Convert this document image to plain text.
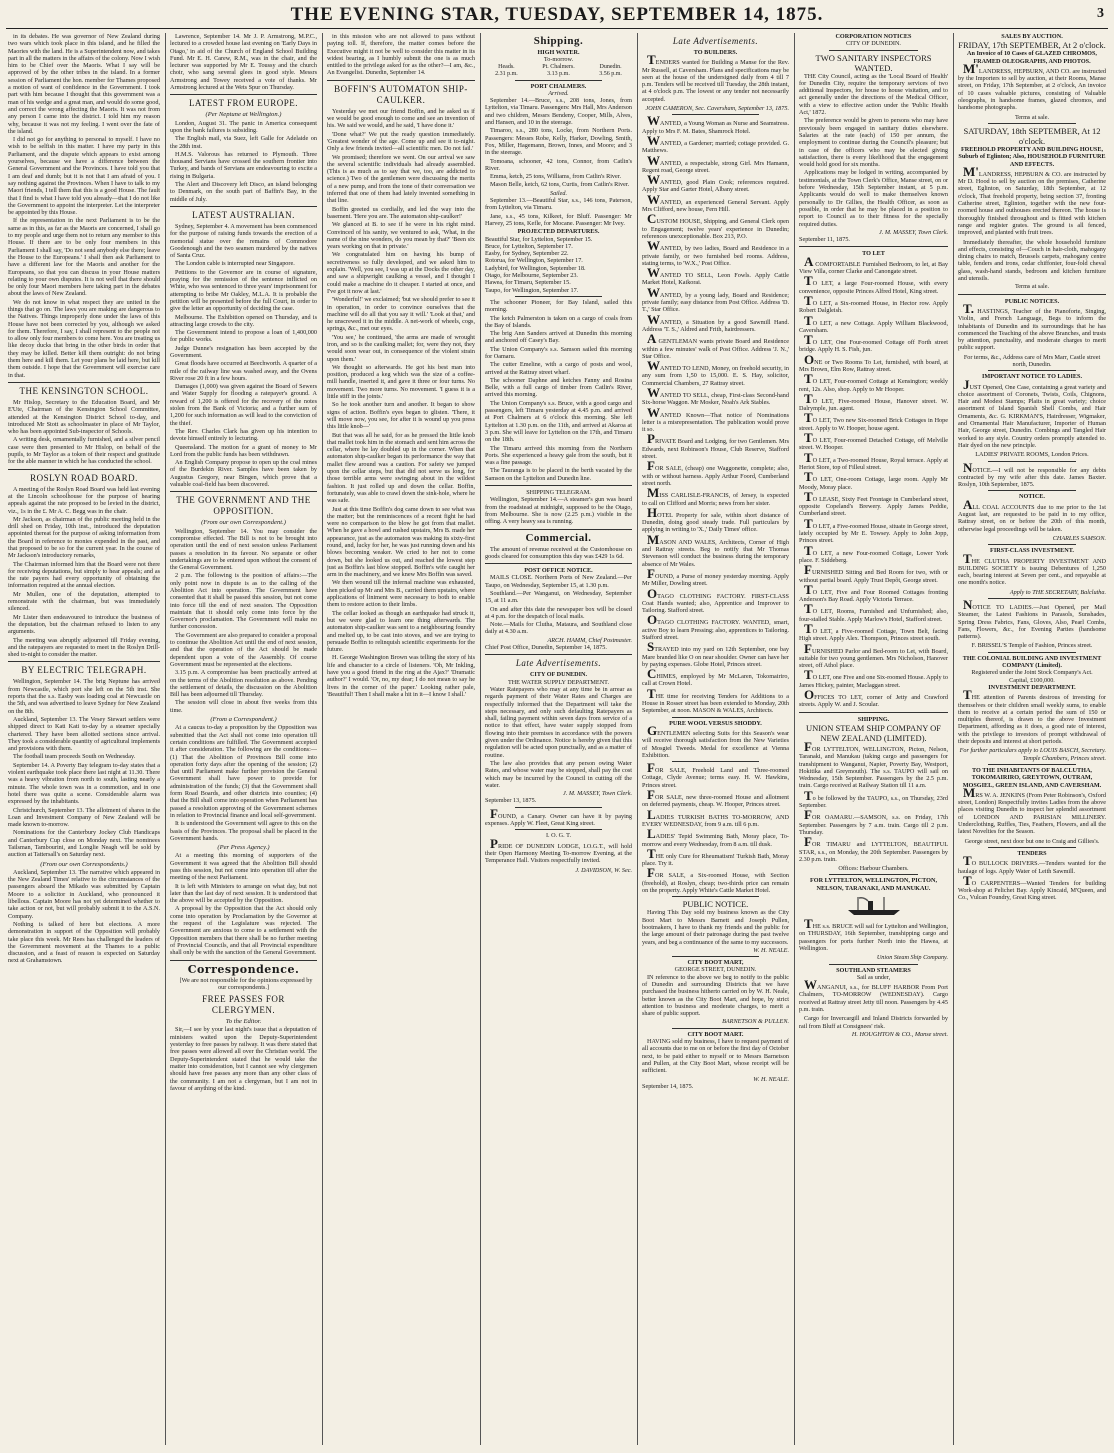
THE EVENING STAR, TUESDAY, SEPTEMBER 14, 1875.	3

in its debates. He was governor of New Zealand during two wars which took place in this island, and he filled the Maories with the land. He is a Superintendent now, and takes part in all the matters in the affairs of the colony. Now I wish him to be Chief over the Maoris. What I say will be approved of by the other tribes in the island. In a former session of Parliament the hon. member for Thames proposed a motion of want of confidence in the Government. I took part with him because I thought that this government was a man of his wedge and a great man, and would do some good, and correct the wrong affecting the Maoris. It was not from any person I came into the district. I told him my reason why, because it was not my feeling. I went over the fate of the island.

I did not go for anything to personal to myself. I have no wish to be selfish in this matter. I have my party in this Parliament, and the dispute which appears to exist among yourselves, because we have a difference between the General Government and the Provinces. I have told you that I am deaf and dumb; but it is not that I am afraid of you. I say nothing against the Provinces. When I have to talk to my Maori friends, I tell them that this is a good House. The fault that I find is what I have told you already—that I do not like the Government to appoint the interpreter. Let the interpreter be appointed by this House.

If the representation in the next Parliament is to be the same as in this, as far as the Maoris are concerned, I shall go to my people and urge them not to return any member to this House. If there are to be only four members in this Parliament I shall say, 'Do not send anybody else there; leave the House to the Europeans.' I shall then ask Parliament to have a different law for the Maoris and another for the Europeans, so that you can discuss in your House matters relating to your own disputes. It is not well that there should be only four Maori members here taking part in the debates about the laws of New Zealand.

We do not know in what respect they are united in the things that go on. The laws you are making are dangerous to the Natives. Things improperly done under the laws of this House have not been corrected by you, although we asked for them. Therefore, I say, I shall represent to the people not to allow only four members to come here. You are treating us like decoy ducks that bring in the other birds in order that they may be killed. Better kill them outright: do not bring them here and kill them. Let your plans be laid here, but kill them outside. I hope that the Government will exercise care in that.

THE KENSINGTON SCHOOL.

Mr Hislop, Secretary to the Education Board, and Mr E'Ute, Chairman of the Kensington School Committee, attended at the Kensington District School to-day, and introduced Mr Stott as schoolmaster in place of Mr Taylor, who has been appointed Sub-inspector of Schools.

A writing desk, ornamentally furnished, and a silver pencil case were then presented to Mr Hislop, on behalf of the pupils, to Mr Taylor as a token of their respect and gratitude for the able manner in which he has conducted the school.

ROSLYN ROAD BOARD.

A meeting of the Roslyn Road Board was held last evening at the Lincoln schoolhouse for the purpose of hearing appeals against the rate proposed to be levied in the district, viz., 1s in the £. Mr A. C. Begg was in the chair.

Mr Jackson, as chairman of the public meeting held in the drill shed on Friday, 10th inst., introduced the deputation appointed thereat for the purpose of asking information from the Board in reference to monies expended in the past, and that proposed to be so for the current year. In the course of Mr Jackson's introductory remarks,

The Chairman informed him that the Board were not there for receiving deputations, but simply to hear appeals; and as the rate payers had every opportunity of obtaining the information required at the annual election.

Mr Mullen, one of the deputation, attempted to remonstrate with the chairman, but was immediately silenced.

Mr Lister then endeavoured to introduce the business of the deputation, but the chairman refused to listen to any arguments.

The meeting was abruptly adjourned till Friday evening, and the ratepayers are requested to meet in the Roslyn Drill-shed to-night to consider the matter.

BY ELECTRIC TELEGRAPH.

Wellington, September 14. The brig Neptune has arrived from Newcastle, which port she left on the 5th inst. She reports that the s.s. Easby was loading coal at Newcastle on the 5th, and was advertised to leave Sydney for New Zealand on the 8th.

Auckland, September 13. The Vesey Stewart settlers were shipped direct to Kati Kati to-day by a steamer specially chartered. They have been allotted sections since arrival. They took a considerable quantity of agricultural implements and provisions with them.

The football team proceeds South on Wednesday.

September 14. A Poverty Bay telegram to-day states that a violent earthquake took place there last night at 11.30. There was a heavy vibration from north to south, lasting nearly a minute. The whole town was in a commotion, and in one hotel there was quite a scene. Considerable alarm was expressed by the inhabitants.

Christchurch, September 13. The allotment of shares in the Loan and Investment Company of New Zealand will be made known to-morrow.

Nominations for the Canterbury Jockey Club Handicaps and Canterbury Cup close on Monday next. The nominees Tailsman, Tambourini, and Longlie Neagh will be sold by auction at Tattersall's on Saturday next.

(From our own Correspondents.)

Auckland, September 13. The narrative which appeared in the New Zealand Times' relative to the circumstances of the passengers aboard the Mikado was submitted by Captain Moore to a solicitor in Auckland, who pronounced it libellous. Captain Moore has not yet determined whether to take action or not, but will probably submit it to the A.S.N. Company.

Nothing is talked of here but elections. A more demonstration in support of the Opposition will probably take place this week. Mr Rees has challenged the leaders of the Government movement at the Thames to a public discussion, and a feast of reason is expected on Saturday next at Grahamstown.

Lawrence, September 14. Mr J. P. Armstrong, M.P.C., lectured to a crowded house last evening on 'Early Days in Otago,' in aid of the Church of England School Building Fund. Mr E. H. Carew, R.M., was in the chair, and the lecturer was supported by Mr E. Toussy and the church choir, who sang several glees in good style. Messrs Armstrong and Towey received a vote of thanks. Mr Armstrong lectured at the Wets Spur on Thursday.

LATEST FROM EUROPE.
(Per Neptune at Wellington.)

London, August 31. The panic in America consequent upon the bank failures is subsiding.

The English mail, via Suez, left Galle for Adelaide on the 28th inst.

H.M.S. Valorous has returned to Plymouth. Three thousand Servians have crossed the southern frontier into Turkey, and bands of Servians are endeavouring to excite a rising in Bulgaria.

The Alert and Discovery left Disco, an island belonging to Denmark, on the south part of Baffin's Bay, in the middle of July.

LATEST AUSTRALIAN.

Sydney, September 4. A movement has been commenced for the purpose of raising funds towards the erection of a memorial statue over the remains of Commodore Goodenough and the two seamen murdered by the natives of Santa Cruz.

The London cable is interrupted near Singapore.

Petitions to the Governor are in course of signature, praying for the remission of the sentence inflicted on White, who was sentenced to three years' imprisonment for attempting to bribe Mr Oakley, M.L.A. It is probable the petition will be presented before the full Court, in order to give the letter an opportunity of deciding the case.

Melbourne. The Exhibition opened on Thursday, and is attracting large crowds to the city.

The Government intend to propose a loan of 1,400,000 for public works.

Judge Dunne's resignation has been accepted by the Government.

Great floods have occurred at Beechworth. A quarter of a mile of the railway line was washed away, and the Ovens River rose 20 ft in a few hours.

Damages (1,000) was given against the Board of Sewers and Water Supply for flooding a ratepayer's ground. A reward of 1,200 is offered for the recovery of the notes stolen from the Bank of Victoria; and a further sum of 1,200 for such information as will lead to the conviction of the thief.

The Rev. Charles Clark has given up his intention to devote himself entirely to lecturing.

Queensland. The motion for a grant of money to Mr Lord from the public funds has been withdrawn.

An English Company propose to open up the coal mines of the Burdekin River. Samples have been taken by Augustus Gregory, near Bingen, which prove that a valuable coal-field has been discovered.

THE GOVERNMENT AND THE OPPOSITION.
(From our own Correspondent.)

Wellington, September 14. You may consider the compromise effected. The Bill is not to be brought into operation until the end of next session unless Parliament passes a resolution in its favour. No separate or other undertakings are to be entered upon without the consent of the General Government.

2 p.m. The following is the position of affairs:—The only point now in dispute is as to the calling of the Abolition Act into operation. The Government have consented that it shall be passed this session, but not come into force till the end of next session. The Opposition maintain that it should only come into force by the Governor's proclamation. The Government will make no further concession.

The Government are also prepared to consider a proposal to continue the Abolition Act until the end of next session, and that the operation of the Act should be made dependent upon a vote of the Assembly. Of course Government must be represented at the elections.

3.15 p.m. A compromise has been practically arrived at on the terms of the Abolition resolution as above. Pending the settlement of details, the discussion on the Abolition Bill has been adjourned till Thursday.

The session will close in about five weeks from this time.

(From a Correspondent.)

At a caucus to-day a proposition by the Opposition was submitted that the Act shall not come into operation till certain conditions are fulfilled. The Government accepted it after consideration. The following are the conditions:—(1) That the Abolition of Provinces Bill come into operation forty days after the opening of the session; (2) that until Parliament make further provision the General Government shall have power to provide for administration of the funds; (3) that the Government shall form Road Boards, and other districts into counties; (4) that the Bill shall come into operation when Parliament has passed a resolution approving of the Government schemes in relation to Provincial finance and local self-government.

It is understood the Government will agree to this on the basis of the Provinces. The proposal shall be placed in the Government hands.

(Per Press Agency.)

At a meeting this morning of supporters of the Government it was agreed that the Abolition Bill should pass this session, but not come into operation till after the meeting of the next Parliament.

It is left with Ministers to arrange on what day, but not later than the last day of next session. It is understood that the above will be accepted by the Opposition.

A proposal by the Opposition that the Act should only come into operation by Proclamation by the Governor at the request of the Legislature was rejected. The Government are anxious to come to a settlement with the Opposition members that there shall be no further meeting of Provincial Councils, and that all Provincial expenditure shall only be with the sanction of the General Government.

Correspondence.

[We are not responsible for the opinions expressed by our correspondents.]

FREE PASSES FOR CLERGYMEN.
To the Editor.

Sir,—I see by your last night's issue that a deputation of ministers waited upon the Deputy-Superintendent yesterday to free passes by railway. It was there stated that free passes were allowed all over the Christian world. The Deputy-Superintendent stated that he would take the matter into consideration, but I cannot see why clergymen should have free passes any more than any other class of the community. I am not a clergyman, but I am not in favour of anything of the kind.

in this mission who are not allowed to pass without paying toll. If, therefore, the matter comes before the Executive might it not be well to consider this matter in its widest bearing, as I humbly submit the one is as much entitled to the privilege asked for as the other?—I am, &c., An Evangelist. Dunedin, September 14.

BOFFIN'S AUTOMATON SHIP-CAULKER.

Yesterday we met our friend Boffin, and he asked us if we would be good enough to come and see an invention of his. We said we would, and he said, 'I have done it.'

'Done what?' We put the ready question immediately. 'Greatest wonder of the age. Come up and see it to-night. Only a few friends invited—all scientific men. Do not fail.'

We promised; therefore we went. On our arrival we saw the several scientific individuals had already assembled. (This is as much as to say that we, too, are addicted to science.) Two of the gentlemen were discussing the merits of a new pump, and from the tone of their conversation we inferred that one of them had lately invented something in that line.

Boffin greeted us cordially, and led the way into the basement. 'Here you are. The automaton ship-caulker!'

We glanced at B. to see if he were in his right mind. Convinced of his sanity, we ventured to ask, 'What, in the name of the nine wonders, do you mean by that?' 'Been six years working on that in private.'

We congratulated him on having his bump of secretiveness so fully developed, and we asked him to explain. 'Well, you see, I was up at the Docks the other day, and saw a shipwright caulking a vessel, and I thought I could make a machine do it cheaper. I started at once, and I've got it now at last.'

'Wonderful!' we exclaimed; 'but we should prefer to see it in operation, in order to convince ourselves that the machine will do all that you say it will.' 'Look at that,' and he unscrewed it in the middle. A net-work of wheels, cogs, springs, &c., met our eyes.

'You see,' he continued, 'the arms are made of wrought iron, and so is the caulking mallet; for, were they not, they would soon wear out, in consequence of the violent strain upon them.'

We thought so afterwards. He got his best man into position, produced a keg which was the size of a coffee-mill handle, inserted it, and gave it three or four turns. No movement. Two more turns. No movement. 'I guess it is a little stiff in the joints.'

So he took another turn and another. It began to show signs of action. Boffin's eyes began to glisten. 'There, it will move now, you see, for after it is wound up you press this little knob—'

But that was all he said, for as he pressed the little knob that mallet took him in the stomach and sent him across the cellar, where he lay doubled up in the corner. When that automaton ship-caulker began its performance the way that mallet flew around was a caution. For safety we jumped upon the cellar steps, but that did not serve us long, for those terrible arms were swinging about in the wildest fashion. It just rolled up and down the cellar. Boffin, fortunately, was able to crawl down the sink-hole, where he was safe.

Just at this time Boffin's dog came down to see what was the matter; but the reminiscences of a recent fight he had were no comparison to the blow he got from that mallet. When he gave a howl and rushed upstairs, Mrs B. made her appearance, just as the automaton was making its sixty-first round, and, lucky for her, he was just running down and his blows becoming weaker. We cried to her not to come down, but she looked us out, and reached the lowest step just as Boffin's last blow stopped. Boffin's wife caught her arm in the machinery, and we knew Mrs Boffin was saved.

We then wound till the infernal machine was exhausted, then picked up Mr and Mrs B., carried them upstairs, where applications of liniment were necessary to both to enable them to restore action to their limbs.

The cellar looked as though an earthquake had struck it, but we were glad to learn one thing afterwards. The automaton ship-caulker was sent to a neighbouring foundry and melted up, to be cast into stoves, and we are trying to persuade Boffin to relinquish scientific experiments for the future.

H. George Washington Brown was telling the story of his life and character to a circle of listeners. 'Oh, Mr Inkling, have you a good friend in the ring at the Ajax?' 'Dramatic author?' I would. 'Or, no, my dear; I do not mean to say he lives in the corner of the paper.' Looking rather pale, 'Beautiful! Then I shall make a hit in it—I know I shall.'

Shipping.
HIGH WATER.
To-morrow.
Heads.	Pt. Chalmers.	Dunedin.
2.31 p.m.	3.13 p.m.	3.56 p.m.
PORT CHALMERS.
Arrived.

September 14.—Bruce, s.s., 208 tons, Jones, from Lyttelton, via Timaru. Passengers: Mrs Hall, Mrs Anderson and two children, Messrs Bendeny, Cooper, Mills, Alves, and Hansen, and 10 in the steerage.

Timaroo, s.s., 280 tons, Locke, from Northern Ports. Passengers: Messrs Robe, Kelly, Harker, Dowling, Smith, Fox, Miller, Hagemann, Brown, Innes, and Moore; and 3 in the steerage.

Tomoana, schooner, 42 tons, Connor, from Catlin's River.

Emma, ketch, 25 tons, Williams, from Catlin's River.

Mason Belle, ketch, 62 tons, Curtis, from Catlin's River.

Sailed.

September 13.—Beautiful Star, s.s., 146 tons, Paterson, from Lyttelton, via Timaru.

Jane, s.s., 45 tons, Kilkeet, for Bluff. Passenger: Mr Harvey, 25 tons, Kefle, for Mocane. Passenger: Mr Ivey.

PROJECTED DEPARTURES.
Beautiful Star, for Lyttelton, September 15.
Bruce, for Lyttelton, September 17.
Easby, for Sydney, September 22.
Rotorua, for Wellington, September 17.
Ladybird, for Wellington, September 18.
Otago, for Melbourne, September 23.
Hawea, for Timaru, September 15.
Taupo, for Wellington, September 17.

The schooner Pioneer, for Bay Island, sailed this morning.

The ketch Palmerston is taken on a cargo of coals from the Bay of Islands.

The brig Ann Sanders arrived at Dunedin this morning and anchored off Casey's Bay.

The Union Company's s.s. Samson sailed this morning for Oamaru.

The cutter Emeline, with a cargo of posts and wool, arrived at the Rattray street wharf.

The schooner Daphne and ketches Fanny and Rosina Belle, with a full cargo of timber from Catlin's River, arrived this morning.

The Union Company's s.s. Bruce, with a good cargo and passengers, left Timaru yesterday at 4.45 p.m. and arrived at Port Chalmers at 6 o'clock this morning. She left Lyttelton at 1.30 p.m. on the 11th, and arrived at Akaroa at 3 p.m. She will leave for Lyttelton on the 17th, and Timaru on the 18th.

The Timaru arrived this morning from the Northern Ports. She experienced a heavy gale from the south, but it was a fine passage.

The Tauranga is to be placed in the berth vacated by the Samson on the Lyttelton and Dunedin line.

SHIPPING TELEGRAM.

Wellington, September 14.—A steamer's gun was heard from the roadstead at midnight, supposed to be the Otago, from Melbourne. She is now (2.25 p.m.) visible in the offing. A very heavy sea is running.

Commercial.

The amount of revenue received at the Customhouse on goods cleared for consumption this day was £429 1s 6d.

POST OFFICE NOTICE.

MAILS CLOSE. Northern Ports of New Zealand.—Per Taupo, on Wednesday, September 15, at 1.30 p.m.

Southland.—Per Wanganui, on Wednesday, September 15, at 11 a.m.

On and after this date the newspaper box will be closed at 4 p.m. for the despatch of local mails.

Note.—Mails for Clutha, Mataura, and Southland close daily at 4.30 a.m.

ARCH. HAMM, Chief Postmaster.
Chief Post Office, Dunedin, September 14, 1875.
Late Advertisements.
CITY OF DUNEDIN.
THE WATER SUPPLY DEPARTMENT.

Water Ratepayers who may at any time be in arrear as regards payment of their Water Rates and Charges are respectfully informed that the Department will take the steps necessary, and only such defaulting Ratepayers as shall, failing payment within seven days from service of a notice to that effect, have water supply stopped from flowing into their premises in accordance with the powers given under the Ordinance. Notice is hereby given that this regulation will be acted upon punctually, and as a matter of routine.

The law also provides that any person owing Water Rates, and whose water may be stopped, shall pay the cost which may be incurred by the Council in cutting off the water.

J. M. MASSEY, Town Clerk.
September 13, 1875.

FOUND, a Canary. Owner can have it by paying expenses. Apply W. Fleet, Great King street.

I. O. G. T.

PRIDE OF DUNEDIN LODGE, I.O.G.T., will hold their Open Harmony Meeting To-morrow Evening, at the Temperance Hall. Visitors respectfully invited.

J. DAVIDSON, W. Sec.
Late Advertisements.
TO BUILDERS.

TENDERS wanted for Building a Manse for the Rev. Mr Russell, at Caversham. Plans and specifications may be seen at the house of the undersigned daily from 4 till 7 p.m. Tenders will be received till Tuesday, the 28th instant, at 4 o'clock p.m. The lowest or any tender not necessarily accepted.

JOHN CAMERON, Sec. Caversham, September 13, 1875.

WANTED, a Young Woman as Nurse and Seamstress. Apply to Mrs F. M. Bates, Shamrock Hotel.

WANTED, a Gardener; married; cottage provided. G. Matthews.

WANTED, a respectable, strong Girl. Mrs Hamann, Regent road, George street.

WANTED, good Plain Cook; references required. Apply Star and Garter Hotel, Albany street.

WANTED, an experienced General Servant. Apply Mrs Clifford, new house, Fern Hill.

CUSTOM HOUSE, Shipping, and General Clerk open to Engagement; twelve years' experience in Dunedin; references unexceptionable. Box 213, P.O.

WANTED, by two ladies, Board and Residence in a private family, or two furnished bed rooms. Address, stating terms, to 'W.X.,' Post Office.

WANTED TO SELL, Leon Fowls. Apply Cattle Market Hotel, Kaikorai.

WANTED, by a young lady, Board and Residence; private family; easy distance from Post Office. Address 'D. T.,' Star Office.

WANTED, a Situation by a good Sawmill Hand. Address 'T. S.,' Aldred and Frith, hairdressers.

A GENTLEMAN wants private Board and Residence within a few minutes' walk of Post Office. Address 'J. N.,' Star Office.

WANTED TO LEND, Money, on freehold security, in any sum from 1,50 to 15,000. E. S. Hay, solicitor, Commercial Chambers, 27 Rattray street.

WANTED TO SELL, cheap, First-class Second-hand Six-horse Waggon. Mr Mosker, Noah's Ark Stables.

WANTED Known—That notice of Nominations letter is a misrepresentation. The publication would prove it so.

PRIVATE Board and Lodging, for two Gentlemen. Mrs Edwards, next Robinson's House, Club Reserve, Stafford street.

FOR SALE, (cheap) one Waggonette, complete; also, with or without harness. Apply Arthur Foord, Cumberland street north.

MISS CARLISLE-FRANCIS, of Jersey, is expected to call on Clifford and Morris; news from her sister.

HOTEL Property for sale, within short distance of Dunedin, doing good steady trade. Full particulars by applying in writing to 'X.,' Daily Times' office.

MASON AND WALES, Architects, Corner of High and Rattray streets. Beg to notify that Mr Thomas Stevenson will conduct the business during the temporary absence of Mr Wales.

FOUND, a Purse of money yesterday morning. Apply Mr Miller, Dowling street.

OTAGO CLOTHING FACTORY. FIRST-CLASS Coat Hands wanted; also, Apprentice and Improver to Tailoring. Stafford street.

OTAGO CLOTHING FACTORY. WANTED, smart, active Boy to learn Pressing; also, apprentices to Tailoring. Stafford street.

STRAYED into my yard on 12th September, one bay Mare branded like O on near shoulder. Owner can have her by paying expenses. Globe Hotel, Princes street.

CHIMES, employed by Mr McLaren, Tokomairiro, call at Crown Hotel.

THE time for receiving Tenders for Additions to a House in Rosser street has been extended to Monday, 20th September, at noon. MASON & WALES, Architects.

PURE WOOL VERSUS SHODDY.

GENTLEMEN selecting Suits for this Season's wear will receive thorough satisfaction from the New Varieties of Mosgiel Tweeds. Medal for excellence at Vienna Exhibition.

FOR SALE, Freehold Land and Three-roomed Cottage, Clyde Avenue; terms easy. H. W. Hawkins, Princes street.

FOR SALE, new three-roomed House and allotment on deferred payments, cheap. W. Hooper, Princes street.

LADIES TURKISH BATHS TO-MORROW, AND EVERY WEDNESDAY, from 9 a.m. till 6 p.m.

LADIES' Tepid Swimming Bath, Moray place, To-morrow and every Wednesday, from 8 a.m. till dusk.

THE only Cure for Rheumatism! Turkish Bath, Moray place. Try it.

FOR SALE, a Six-roomed House, with Section (freehold), at Roslyn, cheap; two-thirds price can remain on the property. Apply White's Cattle Market Hotel.

PUBLIC NOTICE.

Having This Day sold my business known as the City Boot Mart to Messrs Barnett and Joseph Pullen, bootmakers, I have to thank my friends and the public for the large amount of their patronage during the past twelve years, and beg a continuance of the same to my successors.

W. H. NEALE.
CITY BOOT MART,
GEORGE STREET, DUNEDIN.

IN reference to the above we beg to notify to the public of Dunedin and surrounding Districts that we have purchased the business hitherto carried on by W. H. Neale, better known as the City Boot Mart, and hope, by strict attention to business and moderate charges, to merit a share of public support.

BARNETSON & PULLEN.
CITY BOOT MART.

HAVING sold my business, I have to request payment of all accounts due to me on or before the first day of October next, to be paid either to myself or to Messrs Barnetson and Pullen, at the City Boot Mart, whose receipt will be sufficient.

W. H. NEALE.
September 14, 1875.
CORPORATION NOTICES
CITY OF DUNEDIN.
TWO SANITARY INSPECTORS WANTED.

THE City Council, acting as the 'Local Board of Health' for Dunedin City, require the temporary services of two additional Inspectors, for house to house visitation, and to act generally under the directions of the Medical Officer, with a view to effective action under the 'Public Health Act,' 1872.

The preference would be given to persons who may have previously been engaged in sanitary duties elsewhere. Salaries at the rate (each) of 150 per annum, the employment to continue during the Council's pleasure; but in case of the officers who may be elected giving satisfaction, there is every likelihood that the engagement would hold good for six months.

Applications may be lodged in writing, accompanied by testimonials, at the Town Clerk's Office, Manse street, on or before Wednesday, 15th September instant, at 5 p.m. Applicants would do well to make themselves known personally to Dr Gillies, the Health Officer, as soon as possible, in order that he may be placed in a position to report to Council as to their fitness for the specially required duties.

J. M. MASSEY, Town Clerk.
September 11, 1875.
TO LET

A COMFORTABLE Furnished Bedroom, to let, at Bay View Villa, corner Clarke and Canongate street.

TO LET, a large Four-roomed House, with every convenience, opposite Princes Alfred Hotel, King street.

TO LET, a Six-roomed House, in Hector row. Apply Robert Dalgleish.

TO LET, a new Cottage. Apply William Blackwood, Caversham.

TO LET, One Four-roomed Cottage off Forth street bridge. Apply H. S. Fish, jun.

ONE or Two Rooms To Let, furnished, with board, at Mrs Brown, Elm Row, Rattray street.

TO LET, Four-roomed Cottage at Kensington; weekly rent, 12s. Also, shop. Apply to Mr Hooper.

TO LET, Five-roomed House, Hanover street. W. Dalrymple, jun. agent.

TO LET, Two new Six-roomed Brick Cottages in Hope street. Apply to W. Hooper, house agent.

TO LET, Four-roomed Detached Cottage, off Melville street. W. Hooper.

TO LET, a Two-roomed House, Royal terrace. Apply at Heriot Store, top of Filleul street.

TO LET, One-room Cottage, large room. Apply Mr Moody, Moray place.

TO LEASE, Sixty Feet Frontage in Cumberland street, opposite Copeland's Brewery. Apply James Peddie, Cumberland street.

TO LET, a Five-roomed House, situate in George street, lately occupied by Mr E. Towsey. Apply to John Jopp, Princes street.

TO LET, a new Four-roomed Cottage, Lower York place. F. Siddeberg.

FURNISHED Sitting and Bed Room for two, with or without partial board. Apply Trust Depôt, George street.

TO LET, Five and Four Roomed Cottages fronting Anderson's Bay Road. Apply Victoria Terrace.

TO LET, Rooms, Furnished and Unfurnished; also, four-stalled Stable. Apply Marlow's Hotel, Stafford street.

TO LET, a Five-roomed Cottage, Town Belt, facing High street. Apply Alex. Thompson, Princes street south.

FURNISHED Parlor and Bed-room to Let, with Board, suitable for two young gentlemen. Mrs Nicholson, Hanover street, off Athol place.

TO LET, one Five and one Six-roomed House. Apply to James Hickey, painter, Maclaggan street.

OFFICES TO LET, corner of Jetty and Crawford streets. Apply W. and J. Scoular.

SHIPPING.
UNION STEAM SHIP COMPANY OF NEW ZEALAND (LIMITED).

FOR LYTTELTON, WELLINGTON, Picton, Nelson, Taranaki, and Manukau (taking cargo and passengers for transhipment to Wanganui, Napier, Poverty Bay, Westport, Hokitika and Greymouth). The s.s. TAUPO will sail on Wednesday, 15th September. Passengers by the 2.5 p.m. train. Cargo received at Railway Station till 11 a.m.

To be followed by the TAUPO, s.s., on Thursday, 23rd September.

FOR OAMARU.—SAMSON, s.s. on Friday, 17th September. Passengers by 7 a.m. train. Cargo till 2 p.m. Thursday.

FOR TIMARU and LYTTELTON, BEAUTIFUL STAR, s.s., on Monday, the 20th September. Passengers by 2.30 p.m. train.

Offices: Harbour Chambers.
FOR LYTTELTON, WELLINGTON, PICTON, NELSON, TARANAKI, AND MANUKAU.

THE s.s. BRUCE will sail for Lyttelton and Wellington, on THURSDAY, 16th September, transhipping cargo and passengers for ports further North into the Hawea, at Wellington.

Union Steam Ship Company.
SOUTHLAND STEAMERS
Sail as under,

WANGANUI, s.s., for BLUFF HARBOR From Port Chalmers, TO-MORROW (WEDNESDAY). Cargo received at Rattray street Jetty till noon. Passengers by 4.45 p.m. train.

Cargo for Invercargill and Inland Districts forwarded by rail from Bluff at Consignees' risk.

H. HOUGHTON & CO., Manse street.
SALES BY AUCTION.
FRIDAY, 17th SEPTEMBER, At 2 o'clock.
An Invoice of 10 Cases of GLAZED CHROMOS, FRAMED OLEOGRAPHS, AND PHOTOS.

M'LANDRESS, HEPBURN, AND CO. are instructed by the Importers to sell by auction, at their Rooms, Manse street, on Friday, 17th September, at 2 o'clock, An invoice of 10 cases valuable pictures, consisting of Valuable oleographs, in handsome frames, glazed chromos, and handsome photographs.

Terms at sale.
SATURDAY, 18th SEPTEMBER, At 12 o'clock.
FREEHOLD PROPERTY AND BUILDING HOUSE, Suburb of Eglinton; Also, HOUSEHOLD FURNITURE AND EFFECTS.

M'LANDRESS, HEPBURN & CO. are instructed by Mr D. Hood to sell by auction on the premises, Catherine street, Eglinton, on Saturday, 18th September, at 12 o'clock, That freehold property, being section 37, fronting Catherine street, Eglinton, together with the new four-roomed house and outhouses erected thereon. The house is thoroughly finished throughout and is fitted with kitchen range and register grates. The ground is all fenced, improved, and planted with fruit trees.

Immediately thereafter, the whole household furniture and effects, consisting of—Couch in hair-cloth, mahogany dining chairs to match, Brussels carpets, mahogany centre table, fenders and irons, cedar chiffonier, four-fold cheval glass, wash-hand stands, bedroom and kitchen furniture and utensils.

Terms at sale.
PUBLIC NOTICES.

T. HASTINGS, Teacher of the Pianoforte, Singing, Violin, and French Language, Begs to inform the inhabitants of Dunedin and its surroundings that he has commenced the Teaching of the above Branches, and trusts by attention, punctuality, and moderate charges to merit public support.

For terms, &c., Address care of Mrs Marr, Castle street north, Dunedin.
IMPORTANT NOTICE TO LADIES.

JUST Opened, One Case, containing a great variety and choice assortment of Coronets, Twists, Coils, Chignons, Hair and Modest Stamps; Plaits in great variety; choice assortment of Island Spanish Shell Combs, and Hair Ornaments, &c. G. KIRKMAN'S, Hairdresser, Wigmaker, and Ornamental Hair Manufacturer, Importer of Human Hair, George street, Dunedin. Combings and Tangled Hair worked to any style. Country orders promptly attended to. Hair dyed on the new principle.

LADIES' PRIVATE ROOMS, London Prices.

NOTICE.—I will not be responsible for any debts contracted by my wife after this date. James Baxter. Roslyn, 10th September, 1875.

NOTICE.

ALL COAL ACCOUNTS due to me prior to the 1st August last, are requested to be paid in to my office, Rattray street, on or before the 20th of this month, otherwise legal proceedings will be taken.

CHARLES SAMSON.
FIRST-CLASS INVESTMENT.

THE CLUTHA PROPERTY INVESTMENT AND BUILDING SOCIETY is issuing Debentures of 1,250 each, bearing interest at Seven per cent., and repayable at one month's notice.

Apply to THE SECRETARY, Balclutha.

NOTICE TO LADIES.—Just Opened, per Mail Steamer, the Latest Fashions in Parasols, Sunshades, Spring Dress Fabrics, Fans, Gloves, Also, Pearl Combs, Fans, Flowers, &c., for Evening Parties (handsome patterns).

F. BRISSEL'S Temple of Fashion, Princes street.
THE COLONIAL BUILDING AND INVESTMENT COMPANY (Limited).
Registered under the Joint Stock Company's Act.
Capital, £100,000.
INVESTMENT DEPARTMENT.

THE attention of Parents desirous of investing for themselves or their children small weekly sums, to enable them to receive at a certain period the sum of 150 or multiples thereof, is drawn to the above Investment Department, affording as it does, a good rate of interest, with the privilege to investors of prompt withdrawal of their deposits and interest at short periods.

For further particulars apply to LOUIS BASCH, Secretary. Temple Chambers, Princes street.
TO THE INHABITANTS OF BALCLUTHA, TOKOMAIRIRO, GREYTOWN, OUTRAM, MOSGIEL, GREEN ISLAND, AND CAVERSHAM.

MRS W. A. JENKINS (From Peter Robinson's, Oxford street, London) Respectfully invites Ladies from the above places visiting Dunedin to inspect her splendid assortment of LONDON AND PARISIAN MILLINERY. Underclothing, Ruffles, Ties, Feathers, Flowers, and all the latest Novelties for the Season.

George street, next door but one to Craig and Gillies's.
TENDERS

TO BULLOCK DRIVERS.—Tenders wanted for the haulage of logs. Apply Water of Leith Sawmill.

TO CARPENTERS—Wanted Tenders for building Work-shop at Pelichet Bay. Apply Kincaid, M'Queen, and Co., Vulcan Foundry, Great King street.
